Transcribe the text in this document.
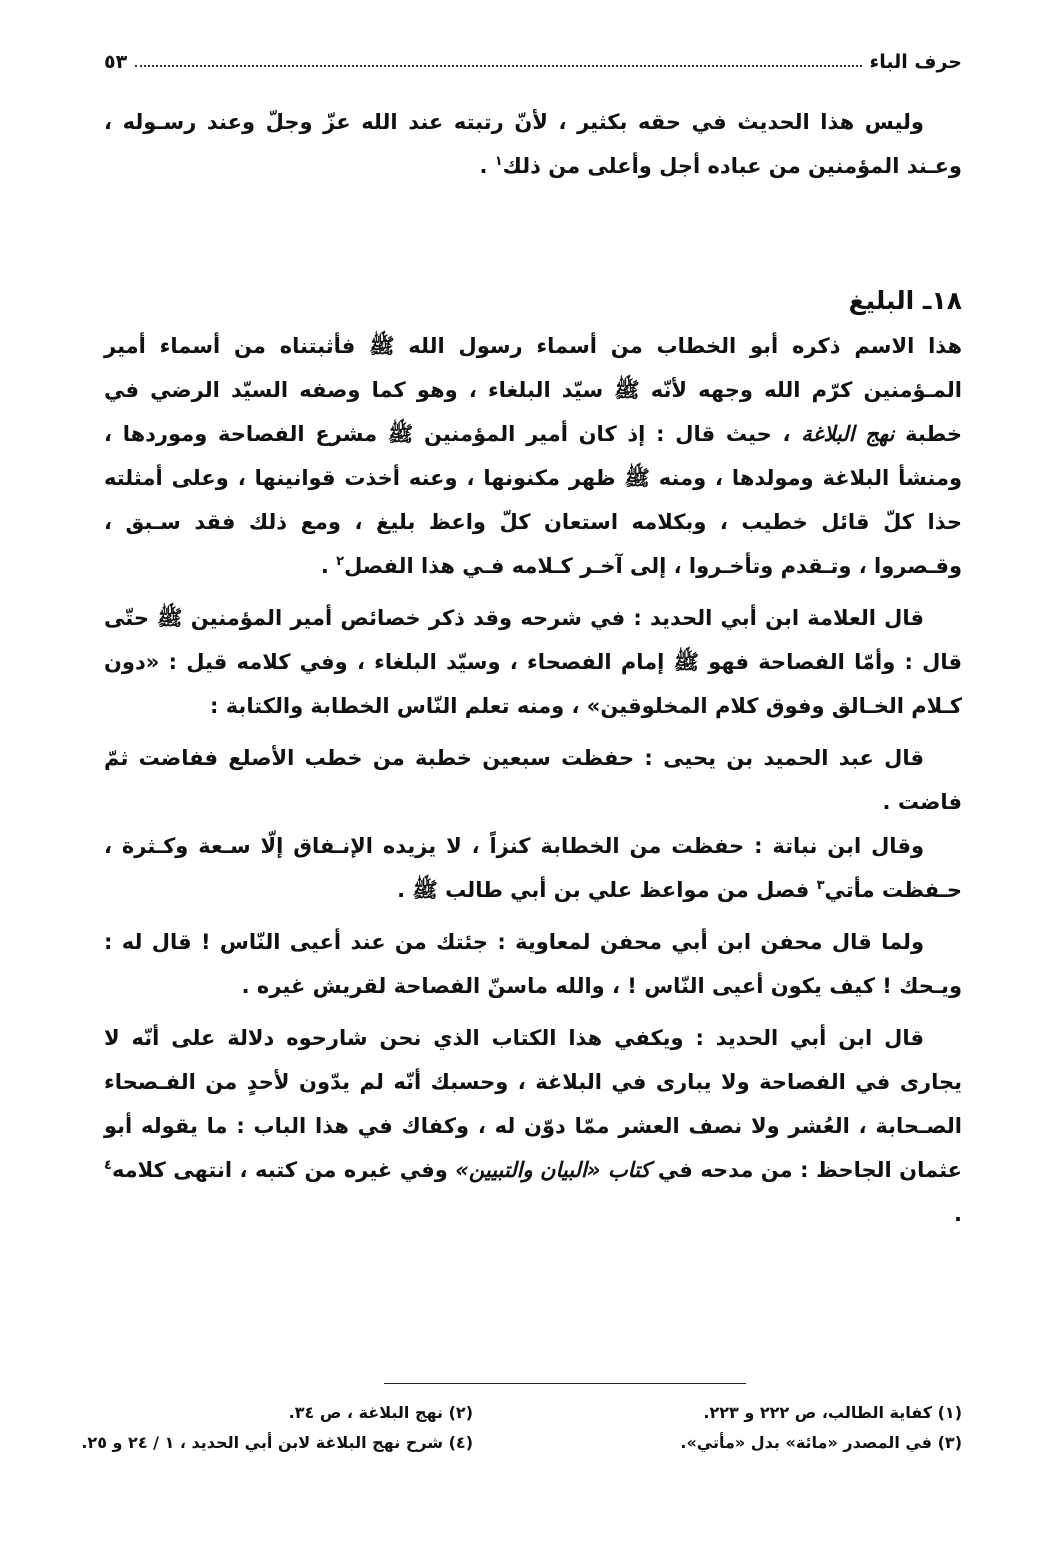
حرف الباء
٥٣

وليس هذا الحديث في حقه بكثير ، لأنّ رتبته عند الله عزّ وجلّ وعند رسـوله ، وعـند المؤمنين من عباده أجل وأعلى من ذلك$^١$ .

١٨ـ البليغ

هذا الاسم ذكره أبو الخطاب من أسماء رسول الله ﷺ فأثبتناه من أسماء أمير المـؤمنين كرّم الله وجهه لأنّه ﷺ سيّد البلغاء ، وهو كما وصفه السيّد الرضي في خطبة نهج البلاغة ، حيث قال : إذ كان أمير المؤمنين ﷺ مشرع الفصاحة وموردها ، ومنشأ البلاغة ومولدها ، ومنه ﷺ ظهر مكنونها ، وعنه أخذت قوانينها ، وعلى أمثلته حذا كلّ قائل خطيب ، وبكلامه استعان كلّ واعظ بليغ ، ومع ذلك فقد سـبق ، وقـصروا ، وتـقدم وتأخـروا ، إلى آخـر كـلامه فـي هذا الفصل$^٢$ .

قال العلامة ابن أبي الحديد : في شرحه وقد ذكر خصائص أمير المؤمنين ﷺ حتّى قال : وأمّا الفصاحة فهو ﷺ إمام الفصحاء ، وسيّد البلغاء ، وفي كلامه قيل : «دون كـلام الخـالق وفوق كلام المخلوقين» ، ومنه تعلم النّاس الخطابة والكتابة :

قال عبد الحميد بن يحيى : حفظت سبعين خطبة من خطب الأصلع ففاضت ثمّ فاضت .

وقال ابن نباتة : حفظت من الخطابة كنزاً ، لا يزيده الإنـفاق إلّا سـعة وكـثرة ، حـفظت مأتي$^٣$ فصل من مواعظ علي بن أبي طالب ﷺ .

ولما قال محفن ابن أبي محفن لمعاوية : جئتك من عند أعيى النّاس ! قال له : ويـحك ! كيف يكون أعيى النّاس ! ، والله ماسنّ الفصاحة لقريش غيره .

قال ابن أبي الحديد : ويكفي هذا الكتاب الذي نحن شارحوه دلالة على أنّه لا يجارى في الفصاحة ولا يبارى في البلاغة ، وحسبك أنّه لم يدّون لأحدٍ من الفـصحاء الصـحابة ، العُشر ولا نصف العشر ممّا دوّن له ، وكفاك في هذا الباب : ما يقوله أبو عثمان الجاحظ : من مدحه في كتاب «البيان والتبيين» وفي غيره من كتبه ، انتهى كلامه$^٤$ .

(١) كفاية الطالب، ص ٢٢٢ و ٢٢٣.
(٢) نهج البلاغة ، ص ٣٤.
(٣) في المصدر «مائة» بدل «مأتي».
(٤) شرح نهج البلاغة لابن أبي الحديد ، ١ / ٢٤ و ٢٥.
